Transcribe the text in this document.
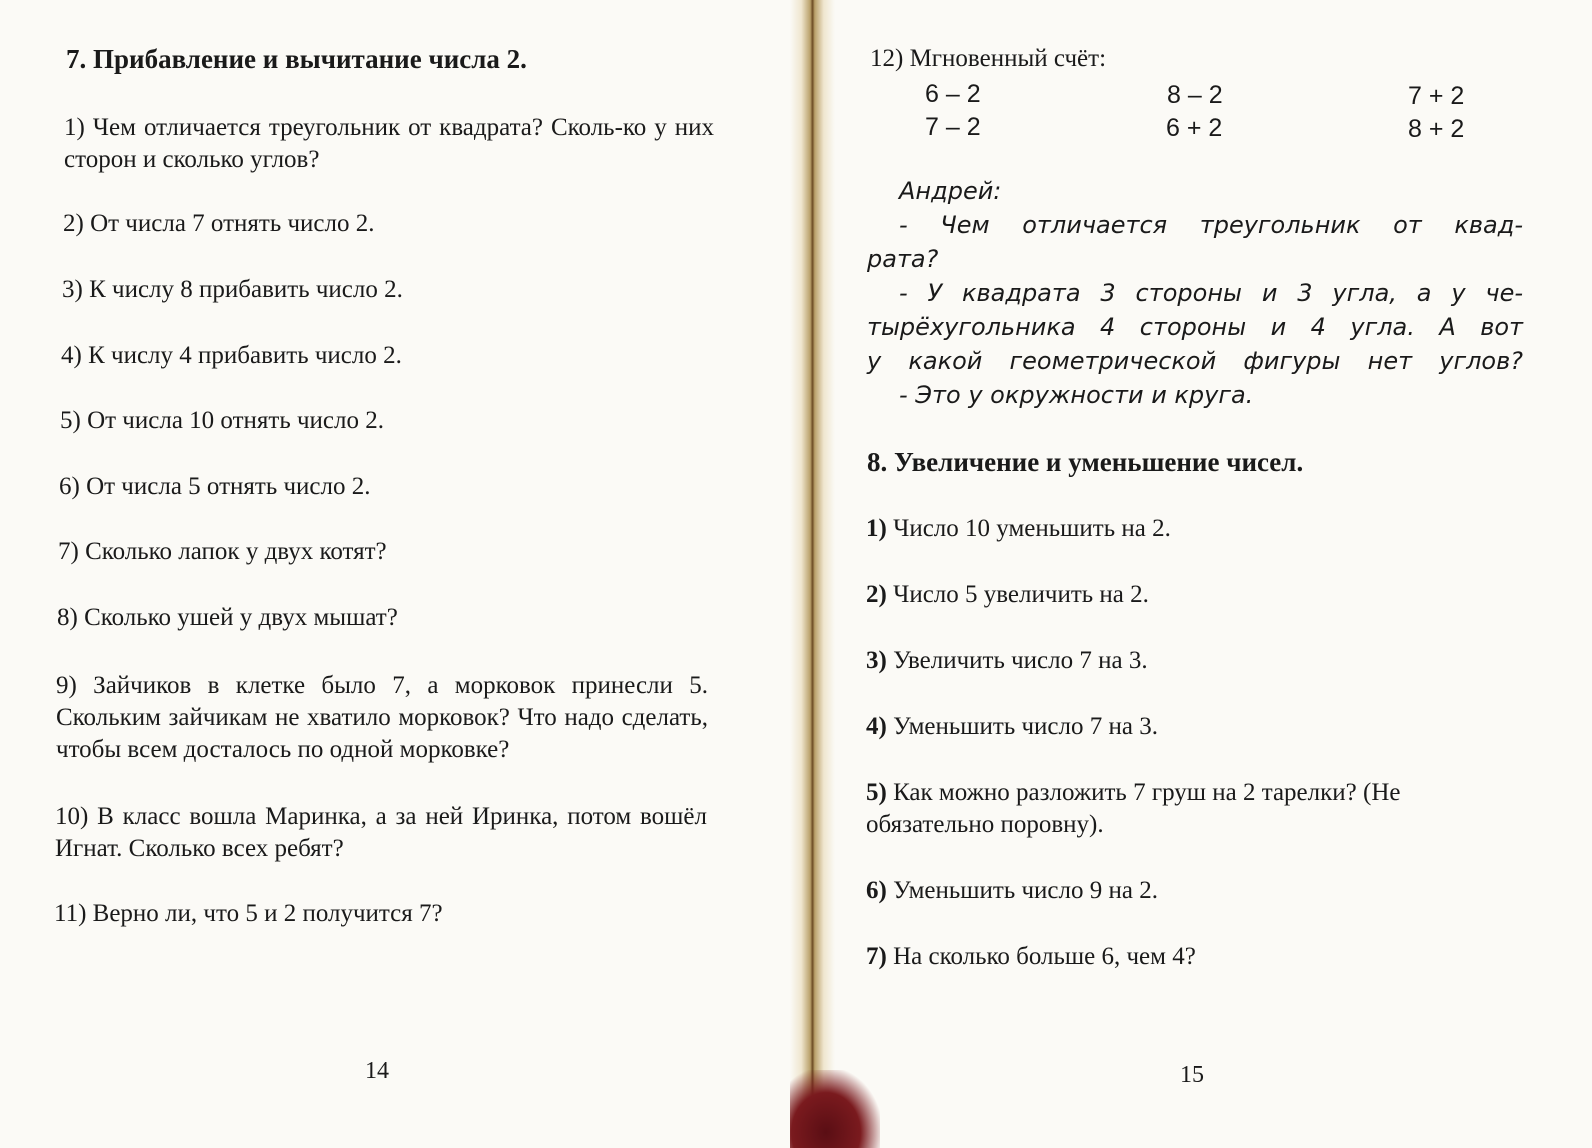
7. Прибавление и вычитание числа 2.
1) Чем отличается треугольник от квадрата? Сколь-ко у них сторон и сколько углов?
2) От числа 7 отнять число 2.
3) К числу 8 прибавить число 2.
4) К числу 4 прибавить число 2.
5) От числа 10 отнять число 2.
6) От числа 5 отнять число 2.
7) Сколько лапок у двух котят?
8) Сколько ушей у двух мышат?
9) Зайчиков в клетке было 7, а морковок принесли 5. Скольким зайчикам не хватило морковок? Что надо сделать, чтобы всем досталось по одной морковке?
10) В класс вошла Маринка, а за ней Иринка, потом вошёл Игнат. Сколько всех ребят?
11) Верно ли, что 5 и 2 получится 7?
14
12) Мгновенный счёт:
6 – 2	8 – 2	7 + 2
7 – 2	6 + 2	8 + 2
Андрей:
- Чем отличается треугольник от квад-
рата?
- У квадрата 3 стороны и 3 угла, а у че-
тырёхугольника 4 стороны и 4 угла. А вот
у какой геометрической фигуры нет углов?
- Это у окружности и круга.
8. Увеличение и уменьшение чисел.
1) Число 10 уменьшить на 2.
2) Число 5 увеличить на 2.
3) Увеличить число 7 на 3.
4) Уменьшить число 7 на 3.
5) Как можно разложить 7 груш на 2 тарелки? (Не обязательно поровну).
6) Уменьшить число 9 на 2.
7) На сколько больше 6, чем 4?
15
